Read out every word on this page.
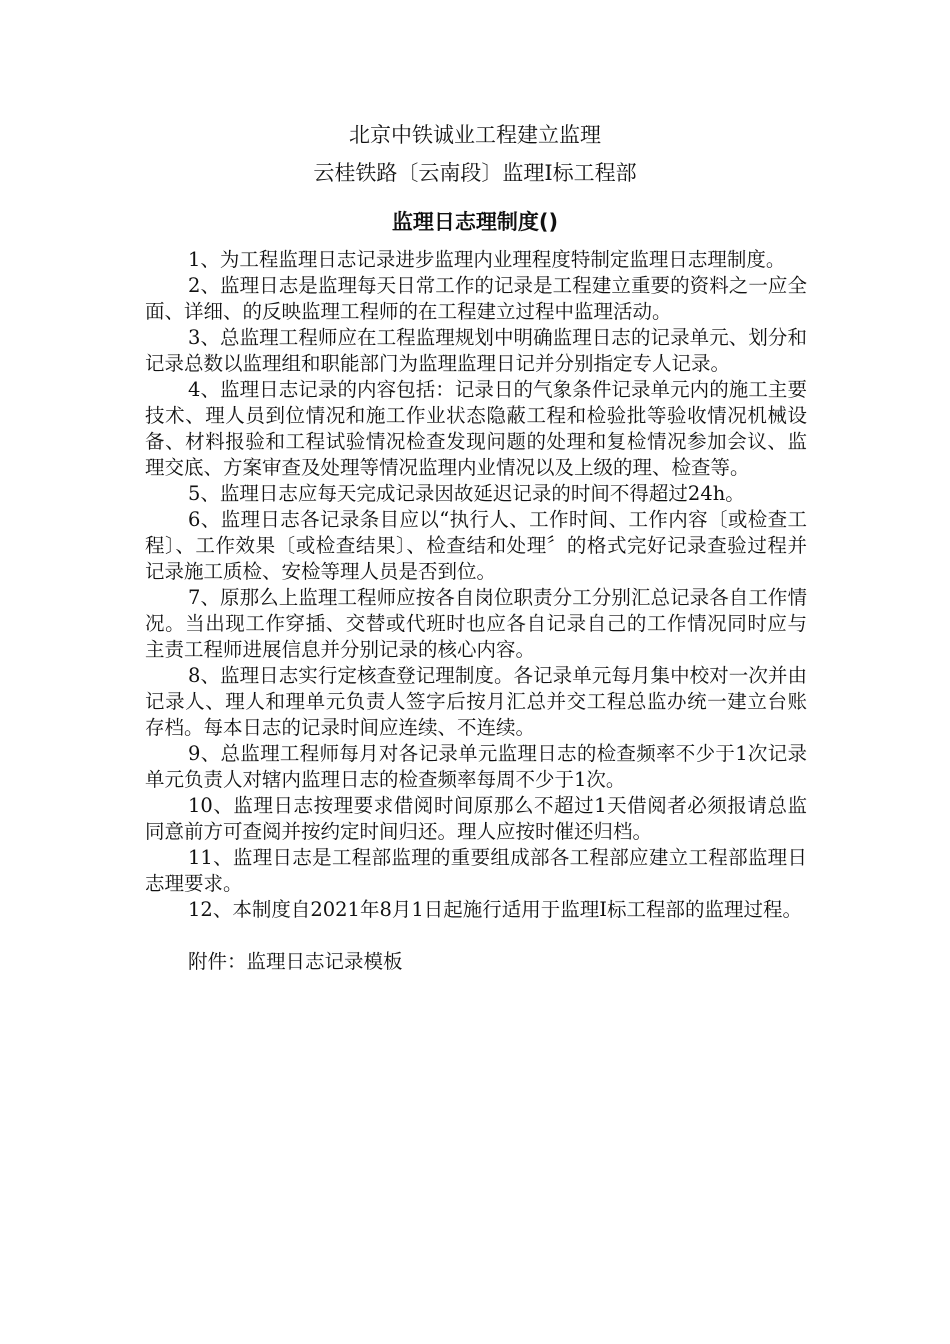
北京中铁诚业工程建立监理
云桂铁路〔云南段〕监理Ⅰ标工程部
监理日志理制度()

1、为工程监理日志记录进步监理内业理程度特制定监理日志理制度。

2、监理日志是监理每天日常工作的记录是工程建立重要的资料之一应全面、详细、的反映监理工程师的在工程建立过程中监理活动。

3、总监理工程师应在工程监理规划中明确监理日志的记录单元、划分和记录总数以监理组和职能部门为监理监理日记并分别指定专人记录。

4、监理日志记录的内容包括：记录日的气象条件记录单元内的施工主要技术、理人员到位情况和施工作业状态隐蔽工程和检验批等验收情况机械设备、材料报验和工程试验情况检查发现问题的处理和复检情况参加会议、监理交底、方案审查及处理等情况监理内业情况以及上级的理、检查等。

5、监理日志应每天完成记录因故延迟记录的时间不得超过24h。

6、监理日志各记录条目应以“执行人、工作时间、工作内容〔或检查工程〕、工作效果〔或检查结果〕、检查结和处理〞的格式完好记录查验过程并记录施工质检、安检等理人员是否到位。

7、原那么上监理工程师应按各自岗位职责分工分别汇总记录各自工作情况。当出现工作穿插、交替或代班时也应各自记录自己的工作情况同时应与主责工程师进展信息并分别记录的核心内容。

8、监理日志实行定核查登记理制度。各记录单元每月集中校对一次并由记录人、理人和理单元负责人签字后按月汇总并交工程总监办统一建立台账存档。每本日志的记录时间应连续、不连续。

9、总监理工程师每月对各记录单元监理日志的检查频率不少于1次记录单元负责人对辖内监理日志的检查频率每周不少于1次。

10、监理日志按理要求借阅时间原那么不超过1天借阅者必须报请总监同意前方可查阅并按约定时间归还。理人应按时催还归档。

11、监理日志是工程部监理的重要组成部各工程部应建立工程部监理日志理要求。

12、本制度自2021年8月1日起施行适用于监理Ⅰ标工程部的监理过程。

附件：监理日志记录模板
